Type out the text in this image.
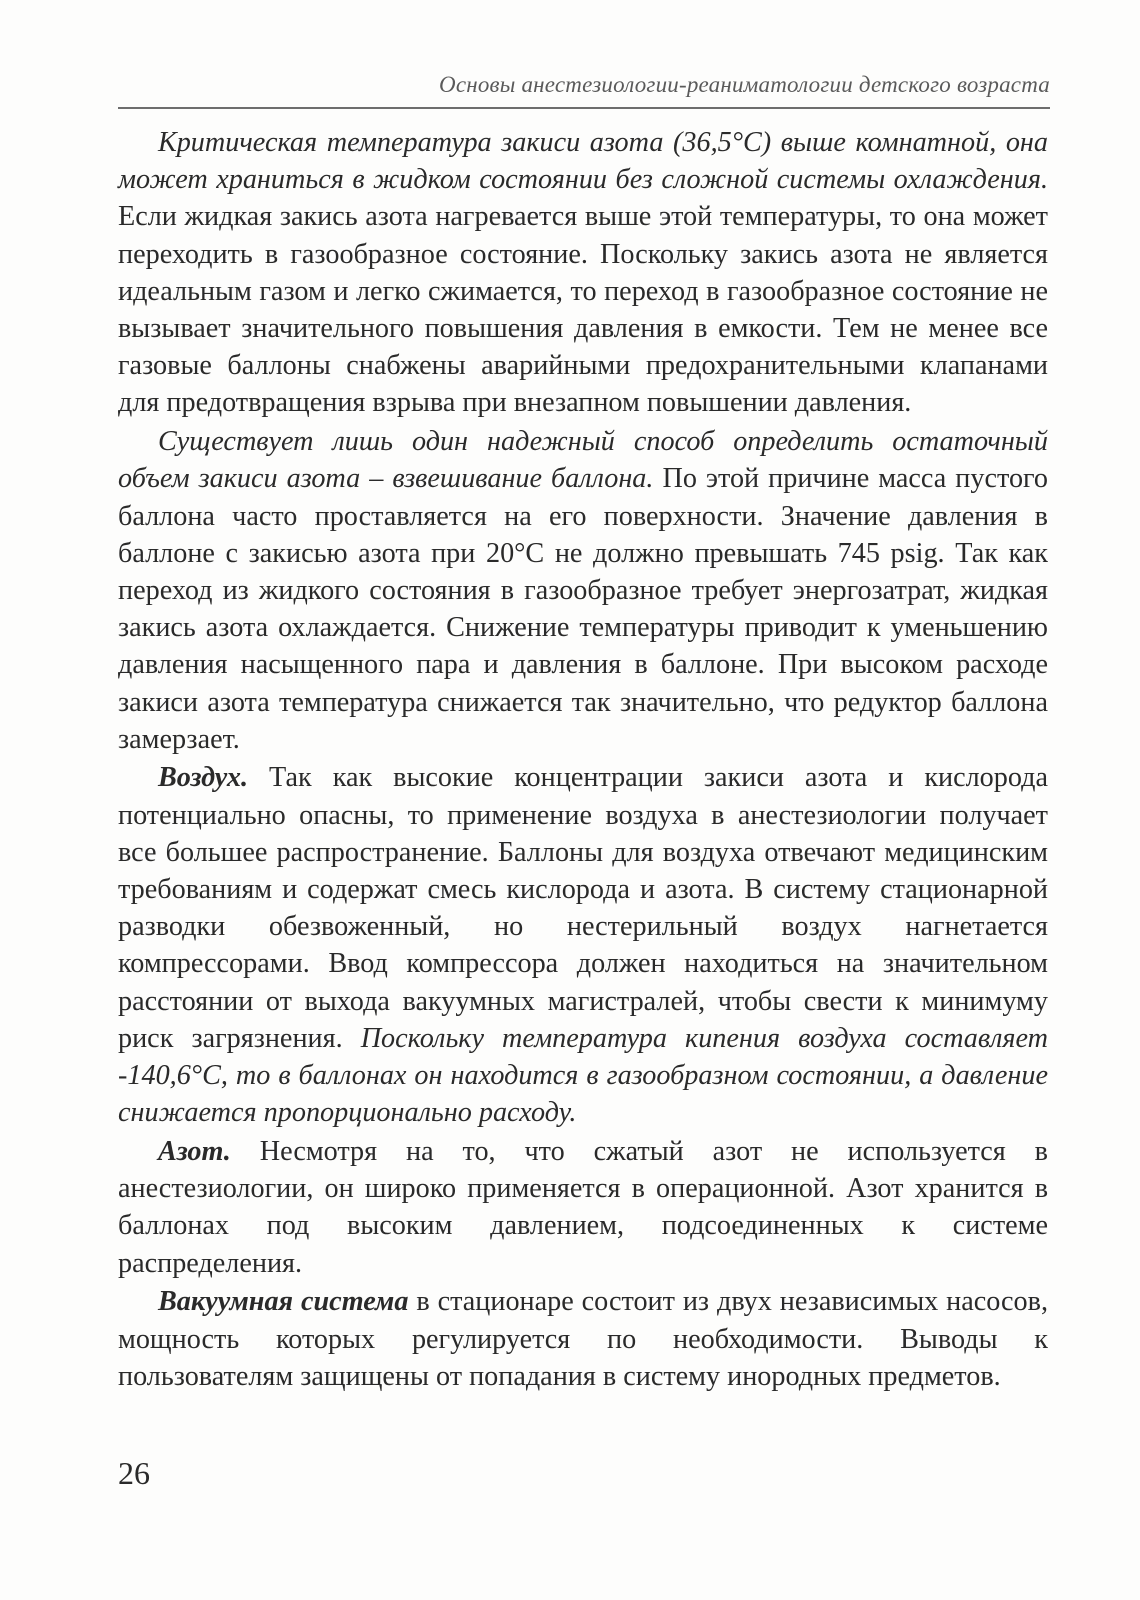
Основы анестезиологии-реаниматологии детского возраста

Критическая температура закиси азота (36,5°С) выше комнатной, она может храниться в жидком состоянии без сложной системы охлаждения. Если жидкая закись азота нагревается выше этой температуры, то она может переходить в газообразное состояние. Поскольку закись азота не является идеальным газом и легко сжимается, то переход в газообразное состояние не вызывает значительного повышения давления в емкости. Тем не менее все газовые баллоны снабжены аварийными предохранительными клапанами для предотвращения взрыва при внезапном повышении давления.

Существует лишь один надежный способ определить остаточный объем закиси азота – взвешивание баллона. По этой причине масса пустого баллона часто проставляется на его поверхности. Значение давления в баллоне с закисью азота при 20°С не должно превышать 745 psig. Так как переход из жидкого состояния в газообразное требует энергозатрат, жидкая закись азота охлаждается. Снижение температуры приводит к уменьшению давления насыщенного пара и давления в баллоне. При высоком расходе закиси азота температура снижается так значительно, что редуктор баллона замерзает.

Воздух. Так как высокие концентрации закиси азота и кислорода потенциально опасны, то применение воздуха в анестезиологии получает все большее распространение. Баллоны для воздуха отвечают медицинским требованиям и содержат смесь кислорода и азота. В систему стационарной разводки обезвоженный, но нестерильный воздух нагнетается компрессорами. Ввод компрессора должен находиться на значительном расстоянии от выхода вакуумных магистралей, чтобы свести к минимуму риск загрязнения. Поскольку температура кипения воздуха составляет -140,6°С, то в баллонах он находится в газообразном состоянии, а давление снижается пропорционально расходу.

Азот. Несмотря на то, что сжатый азот не используется в анестезиологии, он широко применяется в операционной. Азот хранится в баллонах под высоким давлением, подсоединенных к системе распределения.

Вакуумная система в стационаре состоит из двух независимых насосов, мощность которых регулируется по необходимости. Выводы к пользователям защищены от попадания в систему инородных предметов.

26
